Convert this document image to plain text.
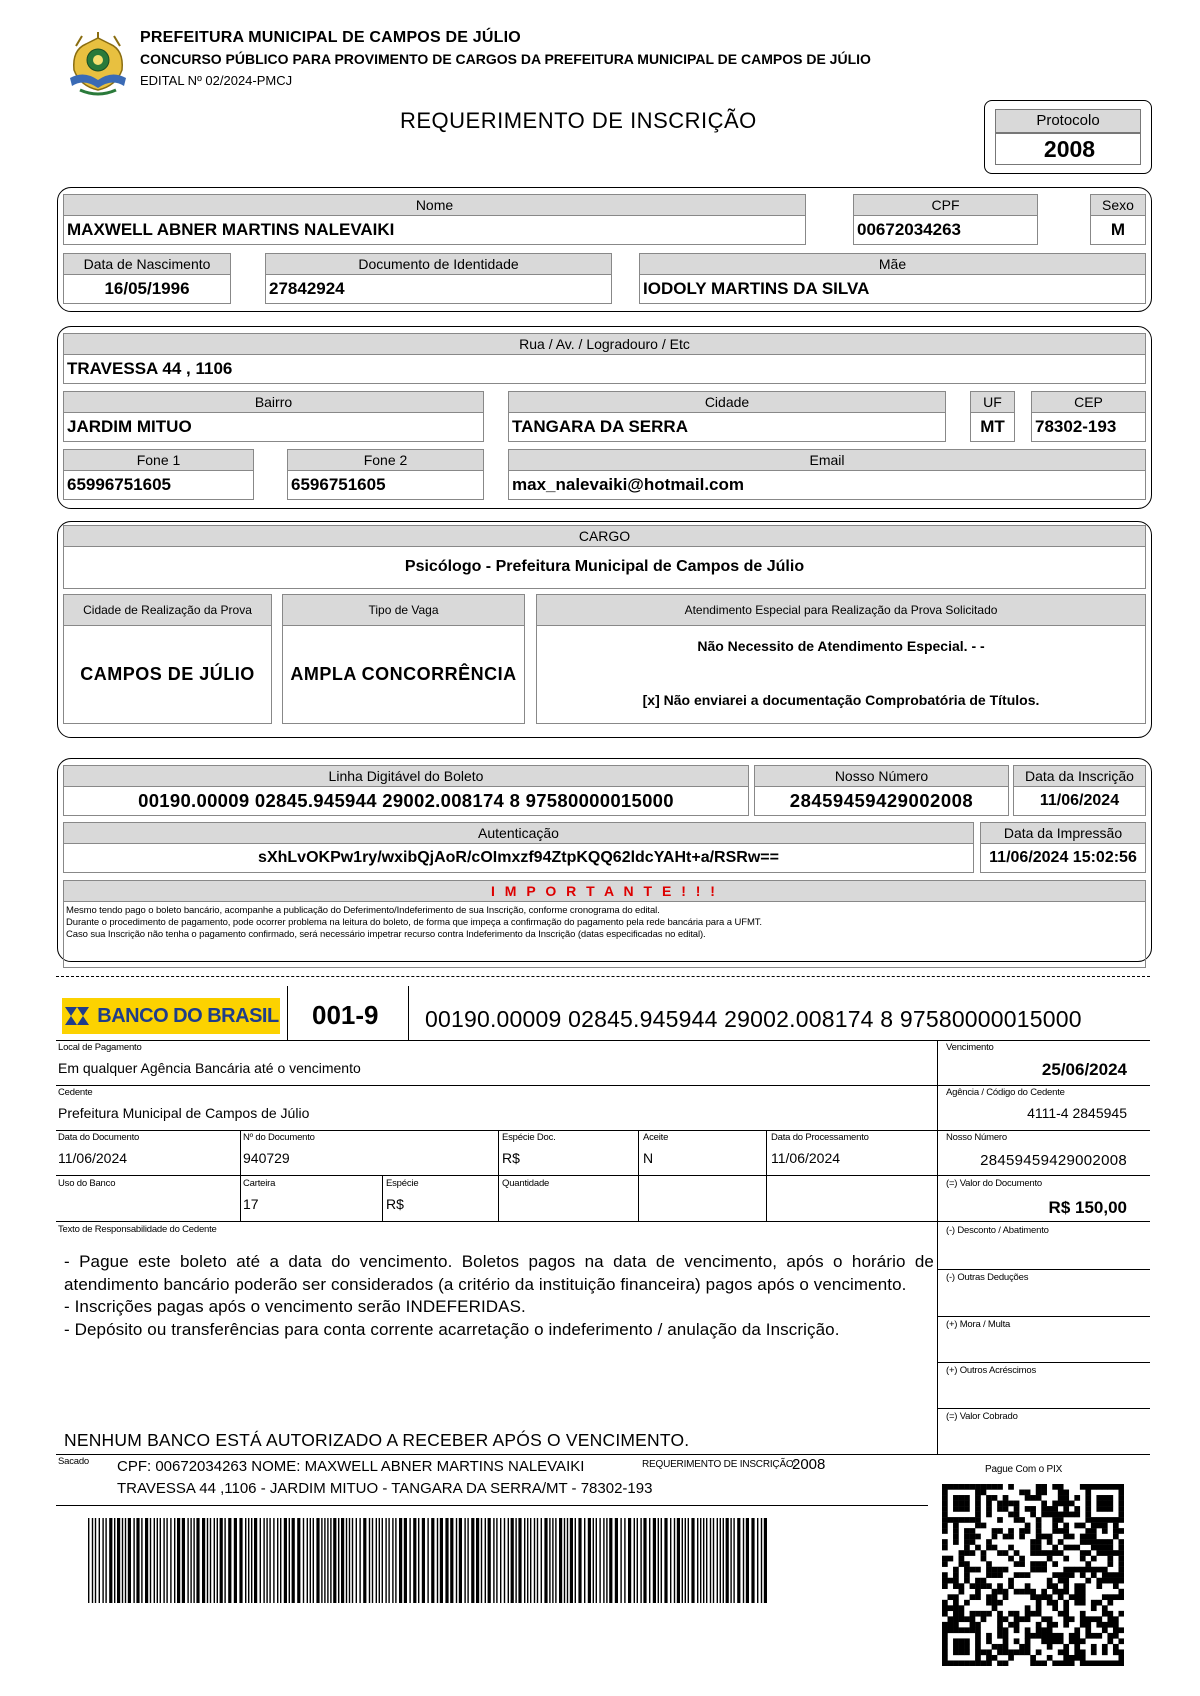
PREFEITURA MUNICIPAL DE CAMPOS DE JÚLIO
CONCURSO PÚBLICO PARA PROVIMENTO DE CARGOS DA PREFEITURA MUNICIPAL DE CAMPOS DE JÚLIO
EDITAL Nº 02/2024-PMCJ
REQUERIMENTO DE INSCRIÇÃO	Protocolo
2008
Nome
MAXWELL ABNER MARTINS NALEVAIKI
CPF
00672034263
Sexo
M
Data de Nascimento
16/05/1996
Documento de Identidade
27842924
Mãe
IODOLY MARTINS DA SILVA
Rua / Av. / Logradouro / Etc
TRAVESSA 44 , 1106
Bairro
JARDIM MITUO
Cidade
TANGARA DA SERRA
UF
MT
CEP
78302-193
Fone 1
65996751605
Fone 2
6596751605
Email
max_nalevaiki@hotmail.com
CARGO
Psicólogo - Prefeitura Municipal de Campos de Júlio
Cidade de Realização da Prova
CAMPOS DE JÚLIO
Tipo de Vaga
AMPLA CONCORRÊNCIA
Atendimento Especial para Realização da Prova Solicitado
Não Necessito de Atendimento Especial. - -
[x] Não enviarei a documentação Comprobatória de Títulos.
Linha Digitável do Boleto
00190.00009 02845.945944 29002.008174 8 97580000015000
Nosso Número
28459459429002008
Data da Inscrição
11/06/2024
Autenticação
sXhLvOKPw1ry/wxibQjAoR/cOImxzf94ZtpKQQ62ldcYAHt+a/RSRw==
Data da Impressão
11/06/2024 15:02:56
I M P O R T A N T E ! ! !
Mesmo tendo pago o boleto bancário, acompanhe a publicação do Deferimento/Indeferimento de sua Inscrição, conforme cronograma do edital.
Durante o procedimento de pagamento, pode ocorrer problema na leitura do boleto, de forma que impeça a confirmação do pagamento pela rede bancária para a UFMT.
Caso sua Inscrição não tenha o pagamento confirmado, será necessário impetrar recurso contra Indeferimento da Inscrição (datas especificadas no edital).
BANCO DO BRASIL 001-9 00190.00009 02845.945944 29002.008174 8 97580000015000
Local de Pagamento
Em qualquer Agência Bancária até o vencimento
Vencimento
25/06/2024
Cedente
Prefeitura Municipal de Campos de Júlio
Agência / Código do Cedente
4111-4 2845945
Data do Documento
11/06/2024
Nº do Documento
940729
Espécie Doc.
R$
Aceite
N
Data do Processamento
11/06/2024
Nosso Número
28459459429002008
Uso do Banco	Carteira
17
Espécie
R$
Quantidade	(=) Valor do Documento
R$ 150,00
Texto de Responsabilidade do Cedente
- Pague este boleto até a data do vencimento. Boletos pagos na data de vencimento, após o horário de atendimento bancário poderão ser considerados (a critério da instituição financeira) pagos após o vencimento.
- Inscrições pagas após o vencimento serão INDEFERIDAS.
- Depósito ou transferências para conta corrente acarretação o indeferimento / anulação da Inscrição.
(-) Desconto / Abatimento
(-) Outras Deduções
(+) Mora / Multa
(+) Outros Acréscimos
(=) Valor Cobrado
NENHUM BANCO ESTÁ AUTORIZADO A RECEBER APÓS O VENCIMENTO.
Sacado CPF: 00672034263 NOME: MAXWELL ABNER MARTINS NALEVAIKI
TRAVESSA 44 ,1106 - JARDIM MITUO - TANGARA DA SERRA/MT - 78302-193
REQUERIMENTO DE INSCRIÇÃO:
2008	Pague Com o PIX
